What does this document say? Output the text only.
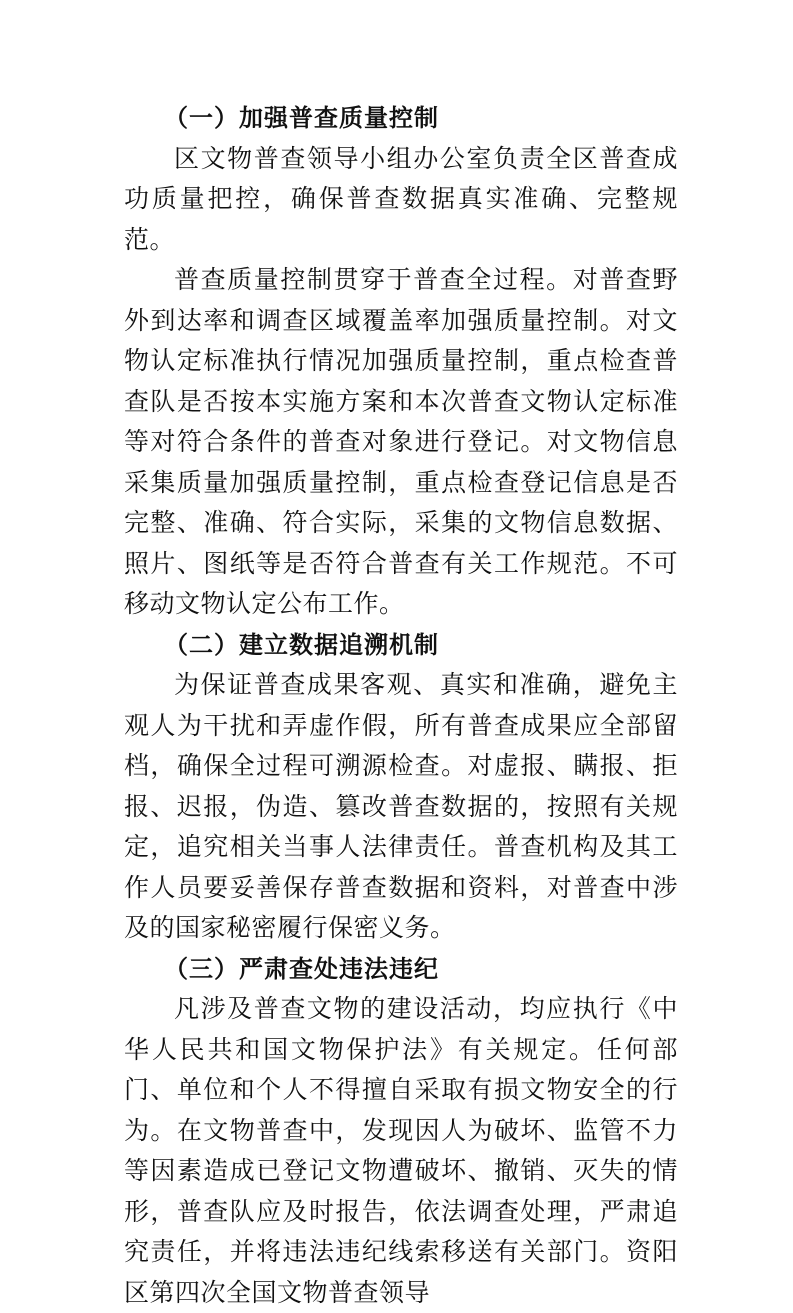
（一）加强普查质量控制

区文物普查领导小组办公室负责全区普查成功质量把控，确保普查数据真实准确、完整规范。

普查质量控制贯穿于普查全过程。对普查野外到达率和调查区域覆盖率加强质量控制。对文物认定标准执行情况加强质量控制，重点检查普查队是否按本实施方案和本次普查文物认定标准等对符合条件的普查对象进行登记。对文物信息采集质量加强质量控制，重点检查登记信息是否完整、准确、符合实际，采集的文物信息数据、照片、图纸等是否符合普查有关工作规范。不可移动文物认定公布工作。

（二）建立数据追溯机制

为保证普查成果客观、真实和准确，避免主观人为干扰和弄虚作假，所有普查成果应全部留档，确保全过程可溯源检查。对虚报、瞒报、拒报、迟报，伪造、篡改普查数据的，按照有关规定，追究相关当事人法律责任。普查机构及其工作人员要妥善保存普查数据和资料，对普查中涉及的国家秘密履行保密义务。

（三）严肃查处违法违纪

凡涉及普查文物的建设活动，均应执行《中华人民共和国文物保护法》有关规定。任何部门、单位和个人不得擅自采取有损文物安全的行为。在文物普查中，发现因人为破坏、监管不力等因素造成已登记文物遭破坏、撤销、灭失的情形，普查队应及时报告，依法调查处理，严肃追究责任，并将违法违纪线索移送有关部门。资阳区第四次全国文物普查领导
